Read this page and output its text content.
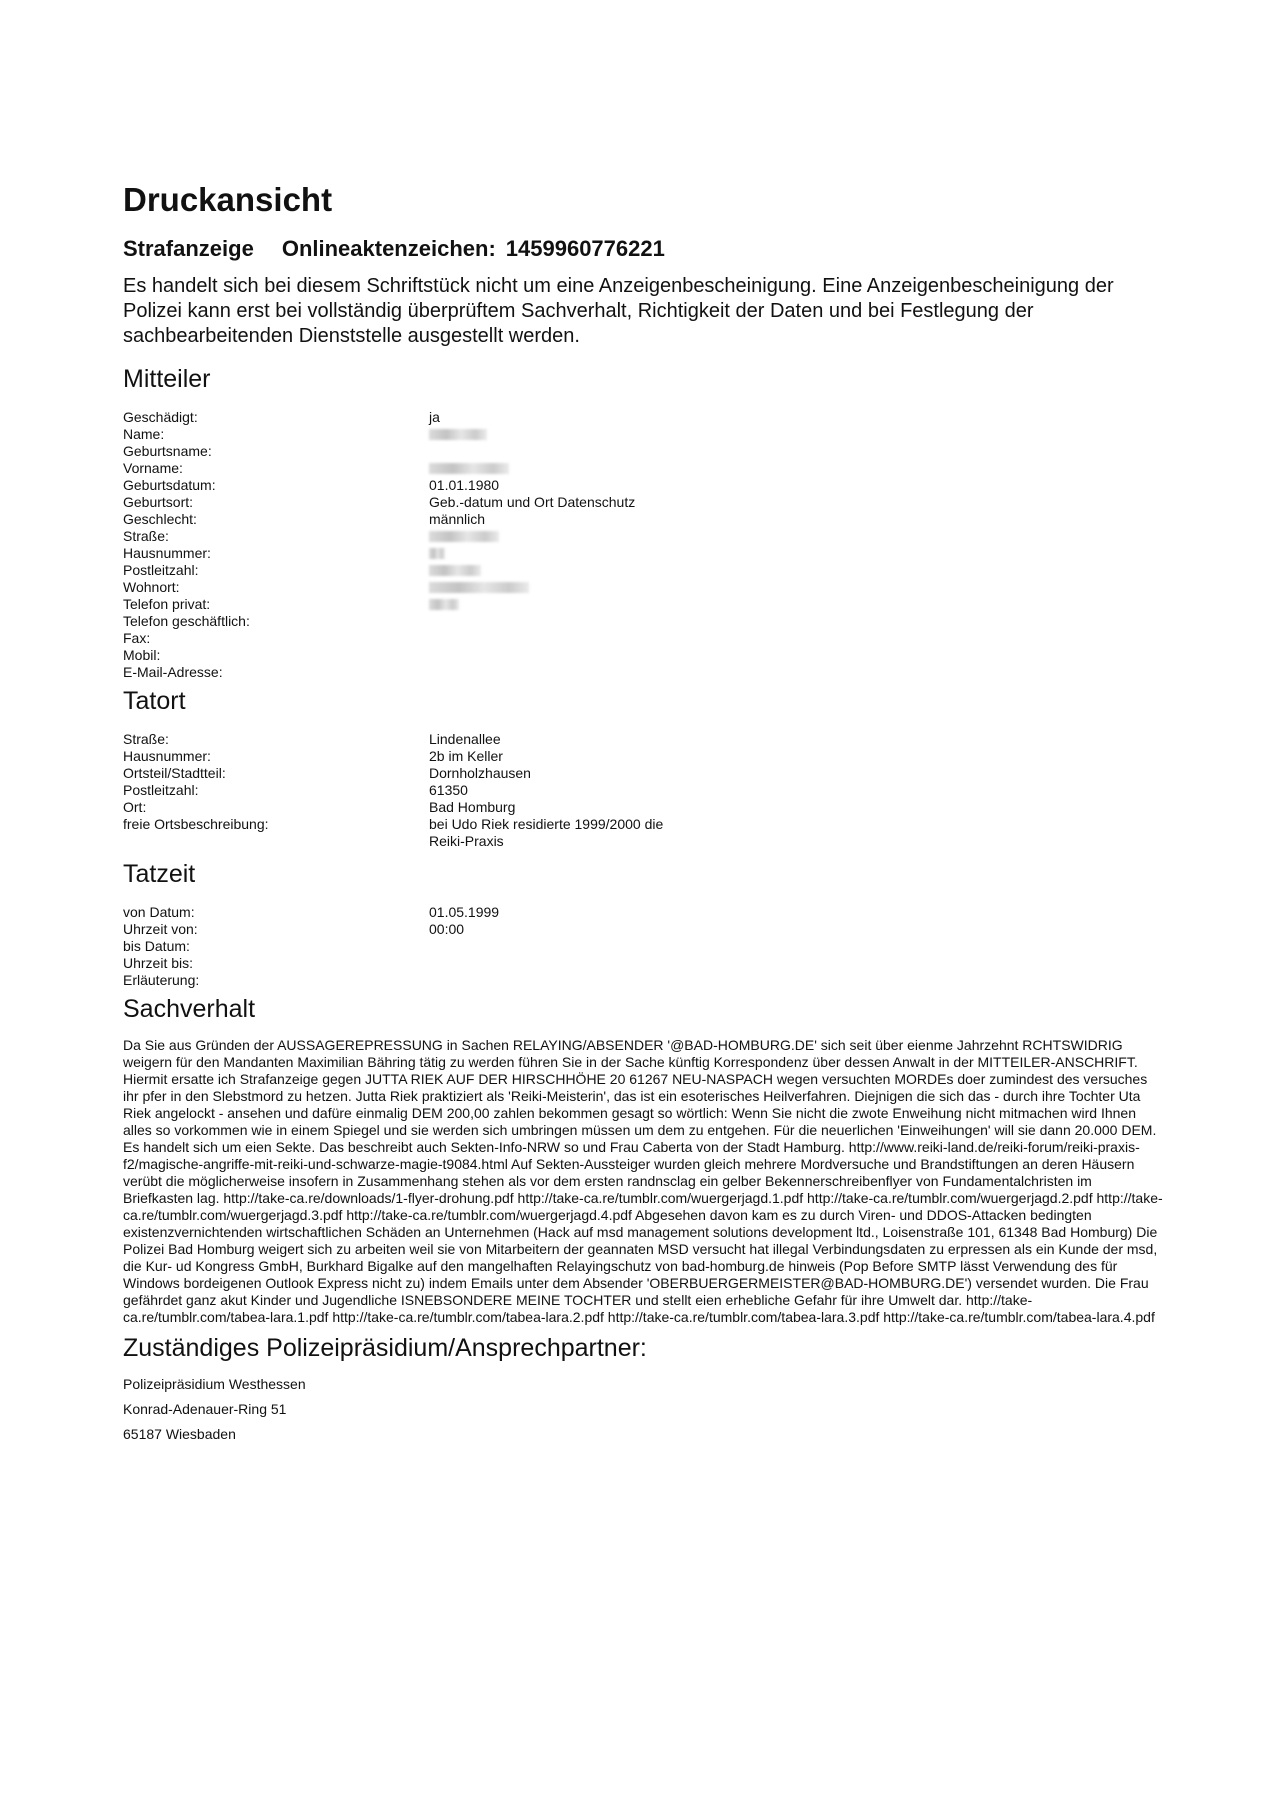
Druckansicht
Strafanzeige Onlineaktenzeichen: 1459960776221

Es handelt sich bei diesem Schriftstück nicht um eine Anzeigenbescheinigung. Eine Anzeigenbescheinigung der Polizei kann erst bei vollständig überprüftem Sachverhalt, Richtigkeit der Daten und bei Festlegung der sachbearbeitenden Dienststelle ausgestellt werden.

Mitteiler
Geschädigt:	ja
Name:
Geburtsname:
Vorname:
Geburtsdatum:	01.01.1980
Geburtsort:	Geb.-datum und Ort Datenschutz
Geschlecht:	männlich
Straße:
Hausnummer:
Postleitzahl:
Wohnort:
Telefon privat:
Telefon geschäftlich:
Fax:
Mobil:
E-Mail-Adresse:
Tatort
Straße:	Lindenallee
Hausnummer:	2b im Keller
Ortsteil/Stadtteil:	Dornholzhausen
Postleitzahl:	61350
Ort:	Bad Homburg
freie Ortsbeschreibung:	bei Udo Riek residierte 1999/2000 die Reiki-Praxis
Tatzeit
von Datum:	01.05.1999
Uhrzeit von:	00:00
bis Datum:
Uhrzeit bis:
Erläuterung:
Sachverhalt

Da Sie aus Gründen der AUSSAGEREPRESSUNG in Sachen RELAYING/ABSENDER '@BAD-HOMBURG.DE' sich seit über eienme Jahrzehnt RCHTSWIDRIG weigern für den Mandanten Maximilian Bähring tätig zu werden führen Sie in der Sache künftig Korrespondenz über dessen Anwalt in der MITTEILER-ANSCHRIFT. Hiermit ersatte ich Strafanzeige gegen JUTTA RIEK AUF DER HIRSCHHÖHE 20 61267 NEU-NASPACH wegen versuchten MORDEs doer zumindest des versuches ihr pfer in den Slebstmord zu hetzen. Jutta Riek praktiziert als 'Reiki-Meisterin', das ist ein esoterisches Heilverfahren. Diejnigen die sich das - durch ihre Tochter Uta Riek angelockt - ansehen und dafüre einmalig DEM 200,00 zahlen bekommen gesagt so wörtlich: Wenn Sie nicht die zwote Enweihung nicht mitmachen wird Ihnen alles so vorkommen wie in einem Spiegel und sie werden sich umbringen müssen um dem zu entgehen. Für die neuerlichen 'Einweihungen' will sie dann 20.000 DEM. Es handelt sich um eien Sekte. Das beschreibt auch Sekten-Info-NRW so und Frau Caberta von der Stadt Hamburg. http://www.reiki-land.de/reiki-forum/reiki-praxis-f2/magische-angriffe-mit-reiki-und-schwarze-magie-t9084.html Auf Sekten-Aussteiger wurden gleich mehrere Mordversuche und Brandstiftungen an deren Häusern verübt die möglicherweise insofern in Zusammenhang stehen als vor dem ersten randnsclag ein gelber Bekennerschreibenflyer von Fundamentalchristen im Briefkasten lag. http://take-ca.re/downloads/1-flyer-drohung.pdf http://take-ca.re/tumblr.com/wuergerjagd.1.pdf http://take-ca.re/tumblr.com/wuergerjagd.2.pdf http://take-ca.re/tumblr.com/wuergerjagd.3.pdf http://take-ca.re/tumblr.com/wuergerjagd.4.pdf Abgesehen davon kam es zu durch Viren- und DDOS-Attacken bedingten existenzvernichtenden wirtschaftlichen Schäden an Unternehmen (Hack auf msd management solutions development ltd., Loisenstraße 101, 61348 Bad Homburg) Die Polizei Bad Homburg weigert sich zu arbeiten weil sie von Mitarbeitern der geannaten MSD versucht hat illegal Verbindungsdaten zu erpressen als ein Kunde der msd, die Kur- ud Kongress GmbH, Burkhard Bigalke auf den mangelhaften Relayingschutz von bad-homburg.de hinweis (Pop Before SMTP lässt Verwendung des für Windows bordeigenen Outlook Express nicht zu) indem Emails unter dem Absender 'OBERBUERGERMEISTER@BAD-HOMBURG.DE') versendet wurden. Die Frau gefährdet ganz akut Kinder und Jugendliche ISNEBSONDERE MEINE TOCHTER und stellt eien erhebliche Gefahr für ihre Umwelt dar. http://take-ca.re/tumblr.com/tabea-lara.1.pdf http://take-ca.re/tumblr.com/tabea-lara.2.pdf http://take-ca.re/tumblr.com/tabea-lara.3.pdf http://take-ca.re/tumblr.com/tabea-lara.4.pdf

Zuständiges Polizeipräsidium/Ansprechpartner:
Polizeipräsidium Westhessen
Konrad-Adenauer-Ring 51
65187 Wiesbaden
